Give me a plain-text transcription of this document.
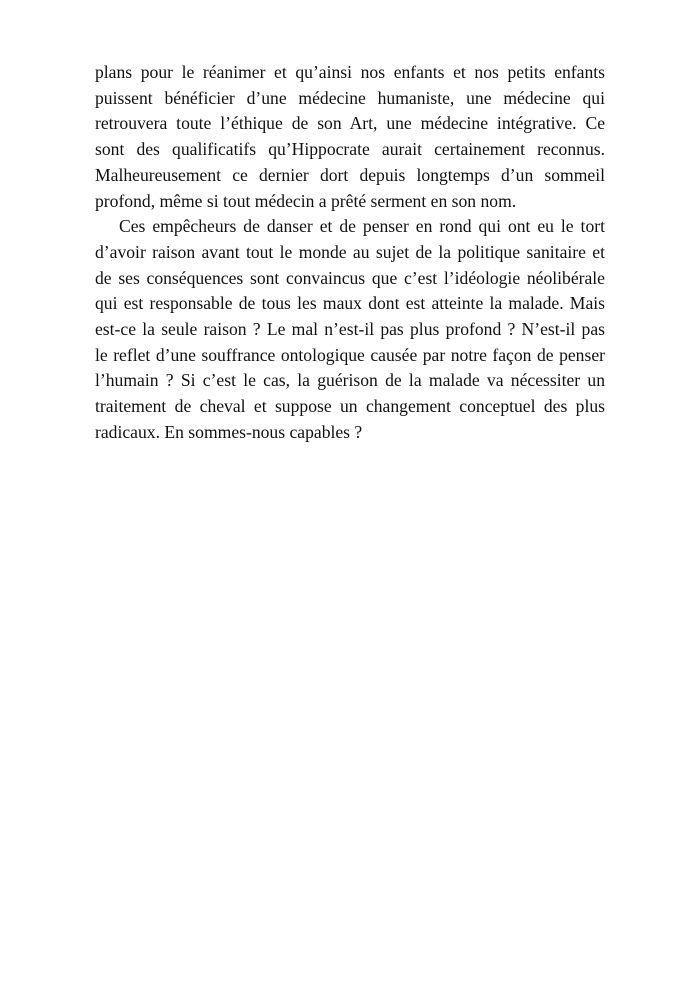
plans pour le réanimer et qu’ainsi nos enfants et nos petits enfants
puissent bénéficier d’une médecine humaniste, une médecine qui
retrouvera toute l’éthique de son Art, une médecine intégrative. Ce
sont des qualificatifs qu’Hippocrate aurait certainement reconnus.
Malheureusement ce dernier dort depuis longtemps d’un sommeil
profond, même si tout médecin a prêté serment en son nom.
Ces empêcheurs de danser et de penser en rond qui ont eu le tort
d’avoir raison avant tout le monde au sujet de la politique sanitaire et
de ses conséquences sont convaincus que c’est l’idéologie néolibérale
qui est responsable de tous les maux dont est atteinte la malade. Mais
est-ce la seule raison ? Le mal n’est-il pas plus profond ? N’est-il pas
le reflet d’une souffrance ontologique causée par notre façon de penser
l’humain ? Si c’est le cas, la guérison de la malade va nécessiter un
traitement de cheval et suppose un changement conceptuel des plus
radicaux. En sommes-nous capables ?
